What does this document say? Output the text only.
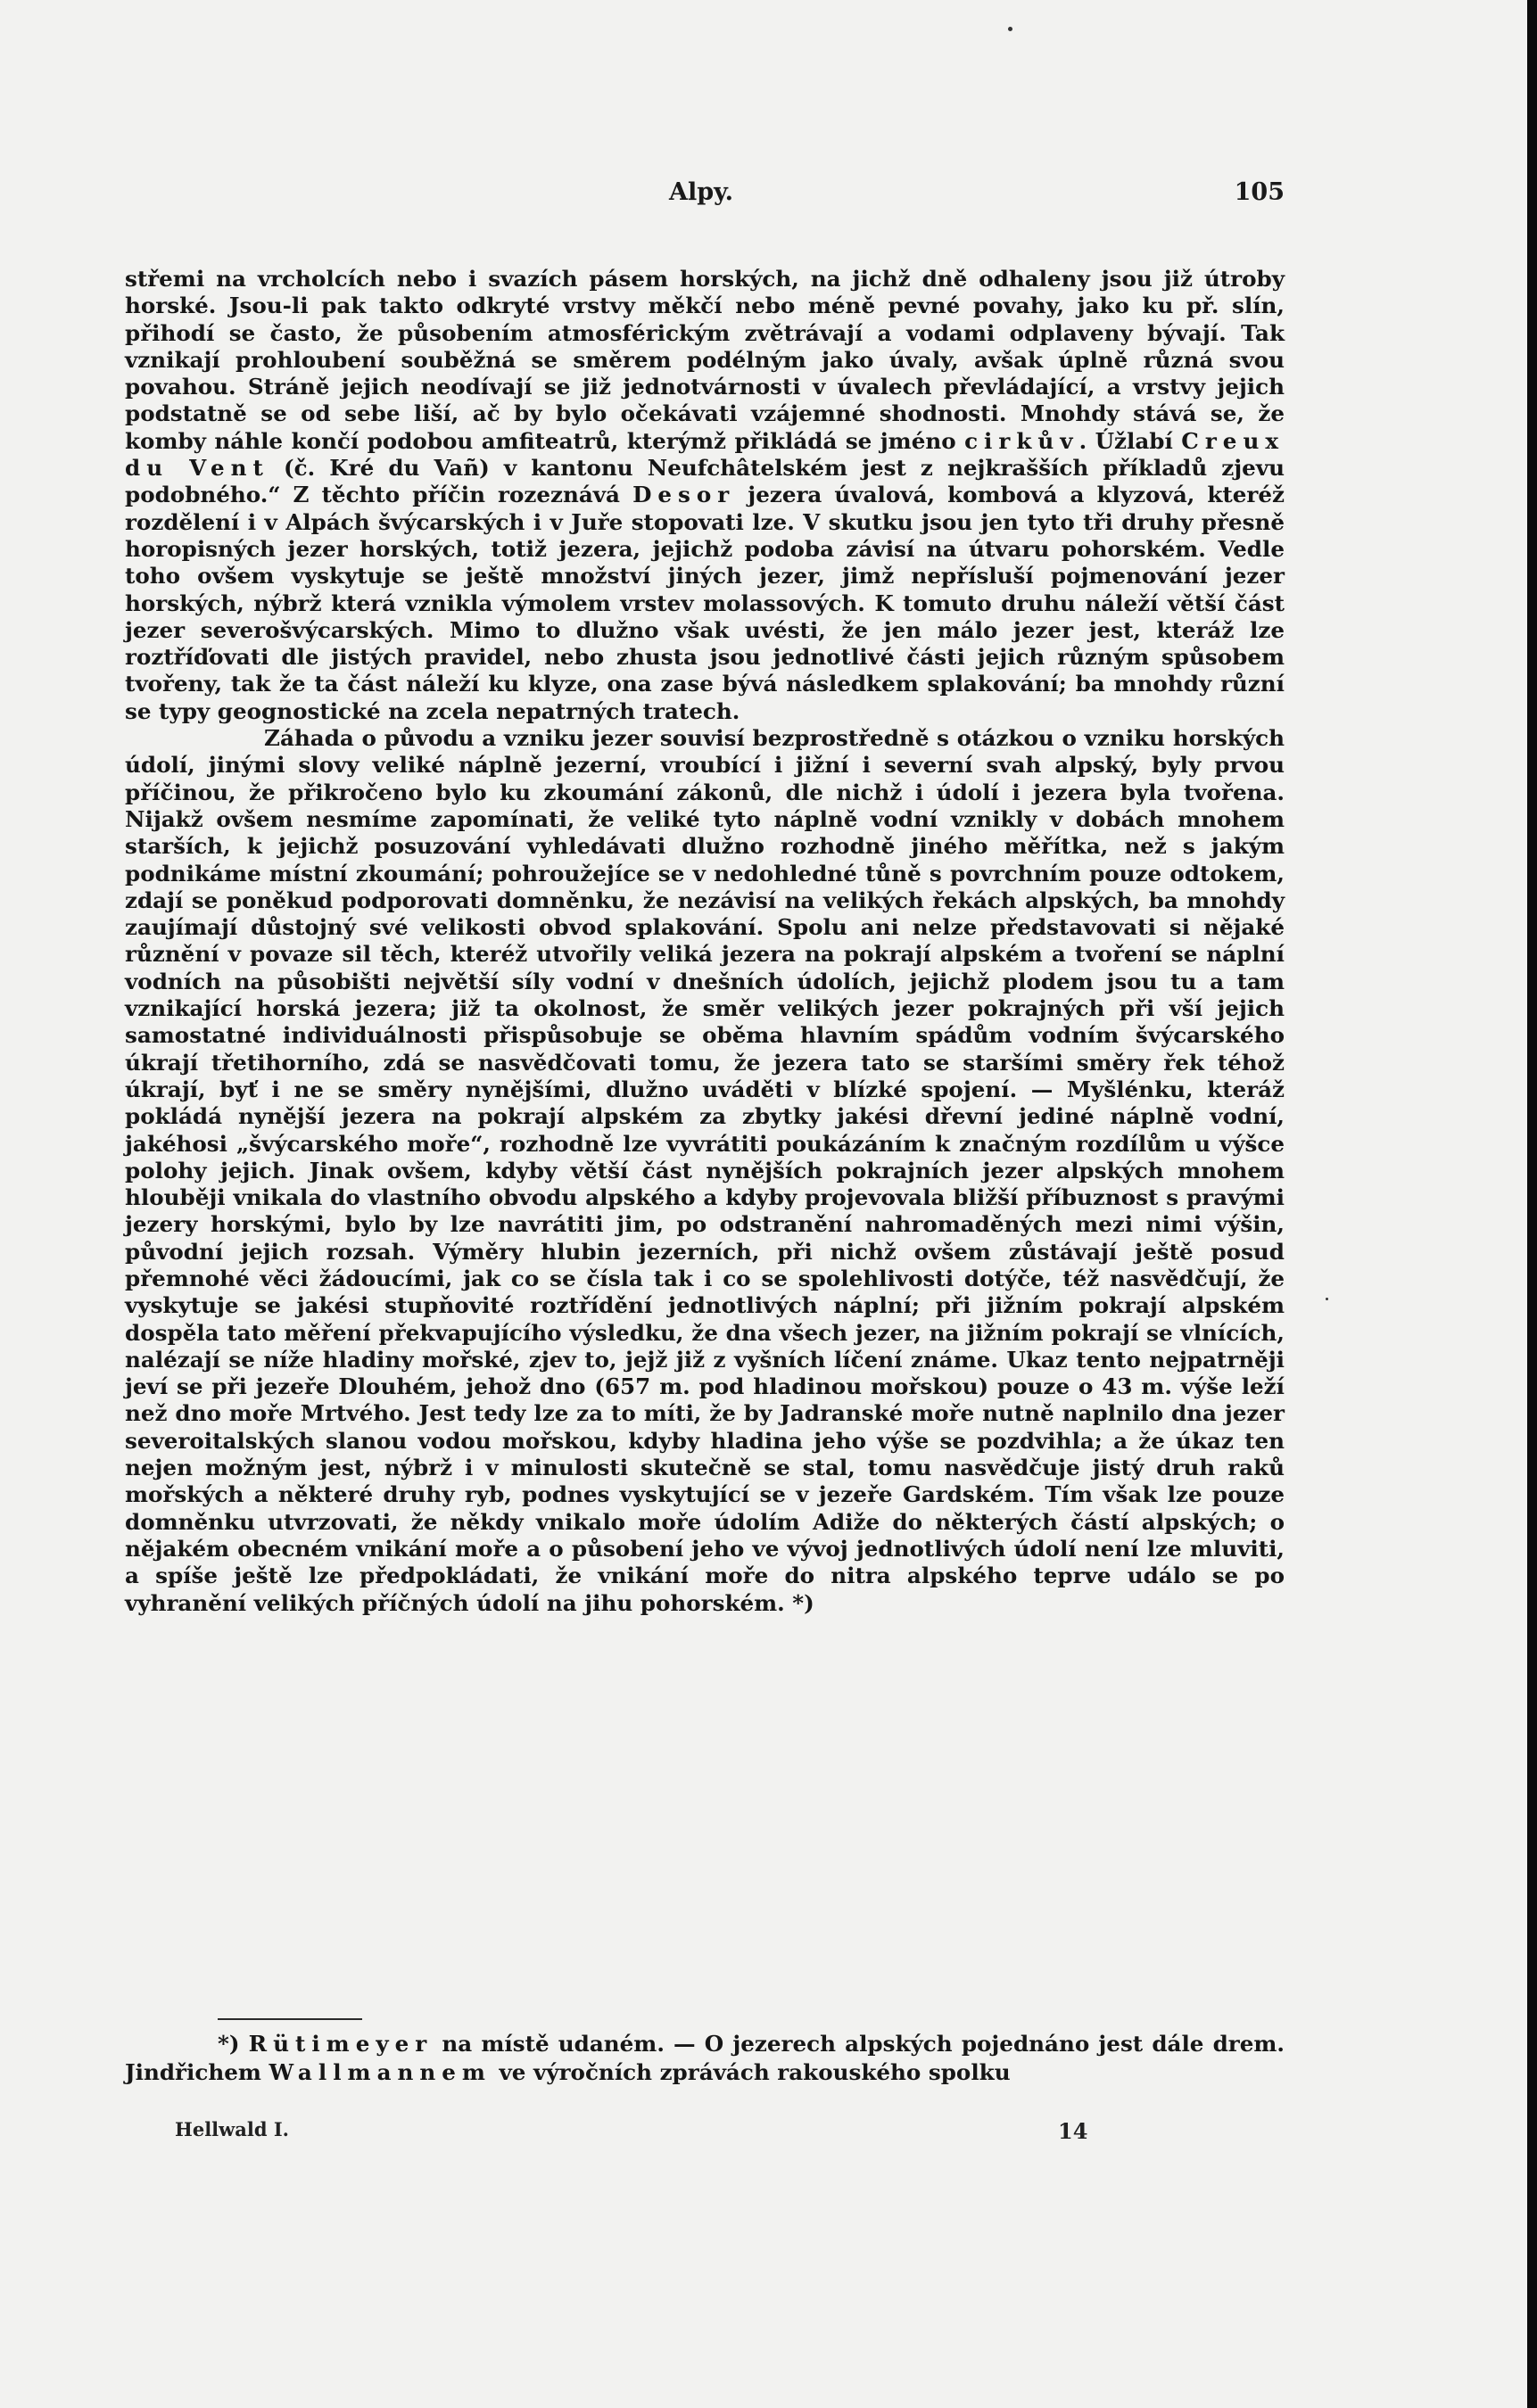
Alpy.	105

střemi na vrcholcích nebo i svazích pásem horských, na jichž dně odhaleny jsou již útroby horské. Jsou-li pak takto odkryté vrstvy měkčí nebo méně pevné povahy, jako ku př. slín, přihodí se často, že působením atmosférickým zvětrávají a vodami odplaveny bývají. Tak vznikají prohloubení souběžná se směrem podélným jako úvaly, avšak úplně různá svou povahou. Stráně jejich neodívají se již jednotvárnosti v úvalech převládající, a vrstvy jejich podstatně se od sebe liší, ač by bylo očekávati vzájemné shodnosti. Mnohdy stává se, že komby náhle končí podobou amfiteatrů, kterýmž přikládá se jméno cirkův. Úžlabí Creux du Vent (č. Kré du Vañ) v kantonu Neufchâtelském jest z nejkrašších příkladů zjevu podobného.“ Z těchto příčin rozeznává Desor jezera úvalová, kombová a klyzová, kteréž rozdělení i v Alpách švýcarských i v Juře stopovati lze. V skutku jsou jen tyto tři druhy přesně horopisných jezer horských, totiž jezera, jejichž podoba závisí na útvaru pohorském. Vedle toho ovšem vyskytuje se ještě množství jiných jezer, jimž nepřísluší pojmenování jezer horských, nýbrž která vznikla výmolem vrstev molassových. K tomuto druhu náleží větší část jezer severošvýcarských. Mimo to dlužno však uvésti, že jen málo jezer jest, kteráž lze roztříďovati dle jistých pravidel, nebo zhusta jsou jednotlivé části jejich různým spůsobem tvořeny, tak že ta část náleží ku klyze, ona zase bývá následkem splakování; ba mnohdy různí se typy geognostické na zcela nepatrných tratech.

Záhada o původu a vzniku jezer souvisí bezprostředně s otázkou o vzniku horských údolí, jinými slovy veliké náplně jezerní, vroubící i jižní i severní svah alpský, byly prvou příčinou, že přikročeno bylo ku zkoumání zákonů, dle nichž i údolí i jezera byla tvořena. Nijakž ovšem nesmíme zapomínati, že veliké tyto náplně vodní vznikly v dobách mnohem starších, k jejichž posuzování vyhledávati dlužno rozhodně jiného měřítka, než s jakým podnikáme místní zkoumání; pohroužejíce se v nedohledné tůně s povrchním pouze odtokem, zdají se poněkud podporovati domněnku, že nezávisí na velikých řekách alpských, ba mnohdy zaujímají důstojný své velikosti obvod splakování. Spolu ani nelze představovati si nějaké různění v povaze sil těch, kteréž utvořily veliká jezera na pokrají alpském a tvoření se náplní vodních na působišti největší síly vodní v dnešních údolích, jejichž plodem jsou tu a tam vznikající horská jezera; již ta okolnost, že směr velikých jezer pokrajných při vší jejich samostatné individuálnosti přispůsobuje se oběma hlavním spádům vodním švýcarského úkrají třetihorního, zdá se nasvědčovati tomu, že jezera tato se staršími směry řek téhož úkrají, byť i ne se směry nynějšími, dlužno uváděti v blízké spojení. — Myšlénku, kteráž pokládá nynější jezera na pokrají alpském za zbytky jakési dřevní jediné náplně vodní, jakéhosi „švýcarského moře“, rozhodně lze vyvrátiti poukázáním k značným rozdílům u výšce polohy jejich. Jinak ovšem, kdyby větší část nynějších pokrajních jezer alpských mnohem hlouběji vnikala do vlastního obvodu alpského a kdyby projevovala bližší příbuznost s pravými jezery horskými, bylo by lze navrátiti jim, po odstranění nahromaděných mezi nimi výšin, původní jejich rozsah. Výměry hlubin jezerních, při nichž ovšem zůstávají ještě posud přemnohé věci žádoucími, jak co se čísla tak i co se spolehlivosti dotýče, též nasvědčují, že vyskytuje se jakési stupňovité roztřídění jednotlivých náplní; při jižním pokrají alpském dospěla tato měření překvapujícího výsledku, že dna všech jezer, na jižním pokrají se vlnících, nalézají se níže hladiny mořské, zjev to, jejž již z vyšních líčení známe. Ukaz tento nejpatrněji jeví se při jezeře Dlouhém, jehož dno (657 m. pod hladinou mořskou) pouze o 43 m. výše leží než dno moře Mrtvého. Jest tedy lze za to míti, že by Jadranské moře nutně naplnilo dna jezer severoitalských slanou vodou mořskou, kdyby hladina jeho výše se pozdvihla; a že úkaz ten nejen možným jest, nýbrž i v minulosti skutečně se stal, tomu nasvědčuje jistý druh raků mořských a některé druhy ryb, podnes vyskytující se v jezeře Gardském. Tím však lze pouze domněnku utvrzovati, že někdy vnikalo moře údolím Adiže do některých částí alpských; o nějakém obecném vnikání moře a o působení jeho ve vývoj jednotlivých údolí není lze mluviti, a spíše ještě lze předpokládati, že vnikání moře do nitra alpského teprve událo se po vyhranění velikých příčných údolí na jihu pohorském. *)

*) Rütimeyer na místě udaném. — O jezerech alpských pojednáno jest dále drem. Jindřichem Wallmannem ve výročních zprávách rakouského spolku

Hellwald I.	14
